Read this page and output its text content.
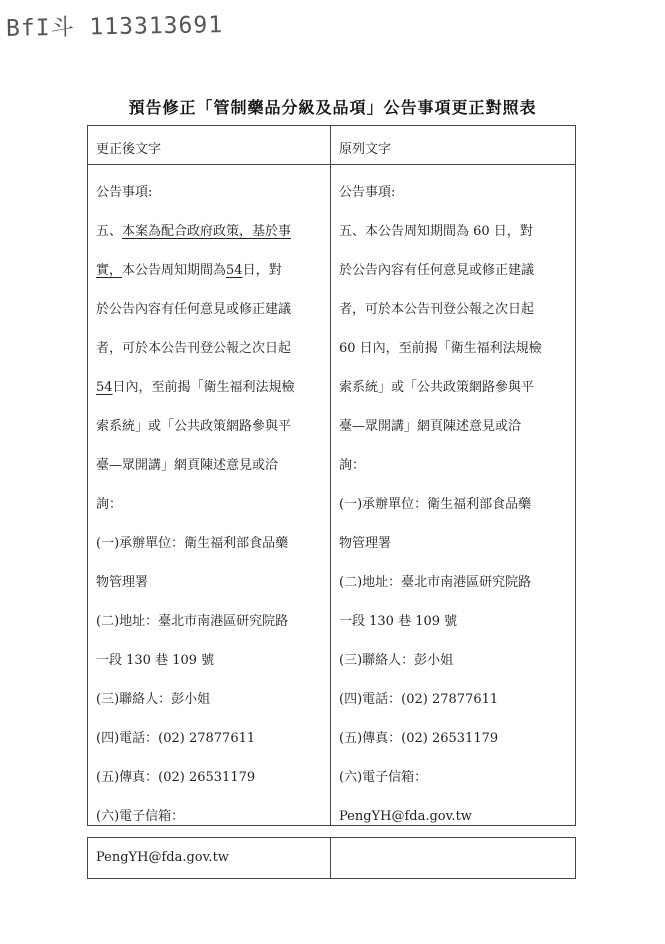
BfI斗 113313691
預告修正「管制藥品分級及品項」公告事項更正對照表
更正後文字	原列文字
公告事項:
五、本案為配合政府政策，基於事
實，本公告周知期間為54日，對
於公告內容有任何意見或修正建議
者，可於本公告刊登公報之次日起
54日內，至前揭「衛生福利法規檢
索系統」或「公共政策網路參與平
臺—眾開講」網頁陳述意見或洽
詢：
(一)承辦單位：衛生福利部食品藥
物管理署
(二)地址：臺北市南港區研究院路
一段 130 巷 109 號
(三)聯絡人：彭小姐
(四)電話：(02) 27877611
(五)傳真：(02) 26531179
(六)電子信箱：
公告事項:
五、本公告周知期間為 60 日，對
於公告內容有任何意見或修正建議
者，可於本公告刊登公報之次日起
60 日內，至前揭「衛生福利法規檢
索系統」或「公共政策網路參與平
臺—眾開講」網頁陳述意見或洽
詢：
(一)承辦單位：衛生福利部食品藥
物管理署
(二)地址：臺北市南港區研究院路
一段 130 巷 109 號
(三)聯絡人：彭小姐
(四)電話：(02) 27877611
(五)傳真：(02) 26531179
(六)電子信箱：
PengYH@fda.gov.tw
PengYH@fda.gov.tw
